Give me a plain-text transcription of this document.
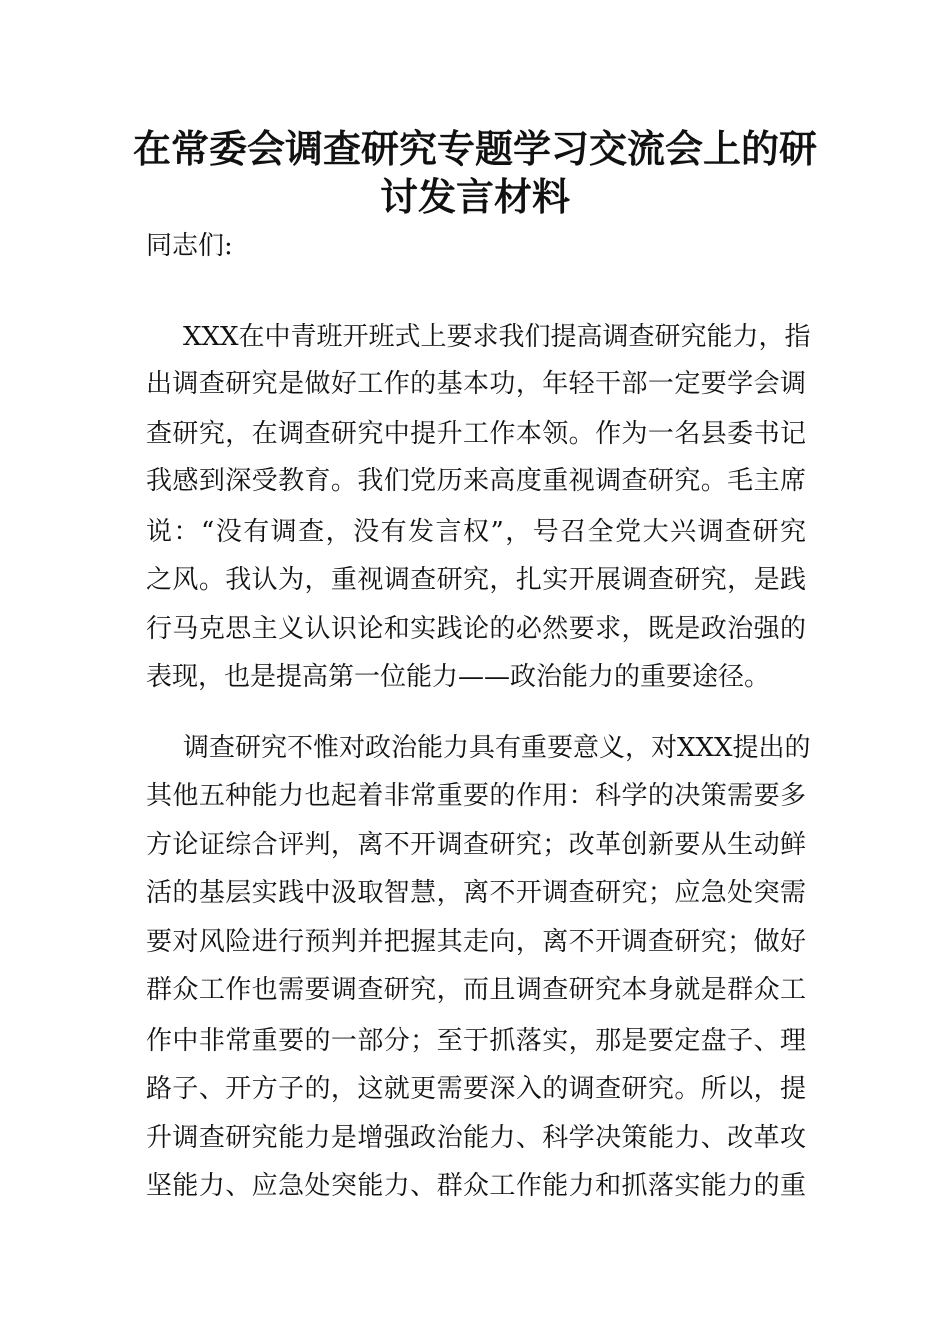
在常委会调查研究专题学习交流会上的研
讨发言材料
同志们:
XXX在中青班开班式上要求我们提高调查研究能力，指
出调查研究是做好工作的基本功，年轻干部一定要学会调
查研究，在调查研究中提升工作本领。作为一名县委书记
我感到深受教育。我们党历来高度重视调查研究。毛主席
说：“没有调查，没有发言权”，号召全党大兴调查研究
之风。我认为，重视调查研究，扎实开展调查研究，是践
行马克思主义认识论和实践论的必然要求，既是政治强的
表现，也是提高第一位能力——政治能力的重要途径。
调查研究不惟对政治能力具有重要意义，对XXX提出的
其他五种能力也起着非常重要的作用：科学的决策需要多
方论证综合评判，离不开调查研究；改革创新要从生动鲜
活的基层实践中汲取智慧，离不开调查研究；应急处突需
要对风险进行预判并把握其走向，离不开调查研究；做好
群众工作也需要调查研究，而且调查研究本身就是群众工
作中非常重要的一部分；至于抓落实，那是要定盘子、理
路子、开方子的，这就更需要深入的调查研究。所以，提
升调查研究能力是增强政治能力、科学决策能力、改革攻
坚能力、应急处突能力、群众工作能力和抓落实能力的重
